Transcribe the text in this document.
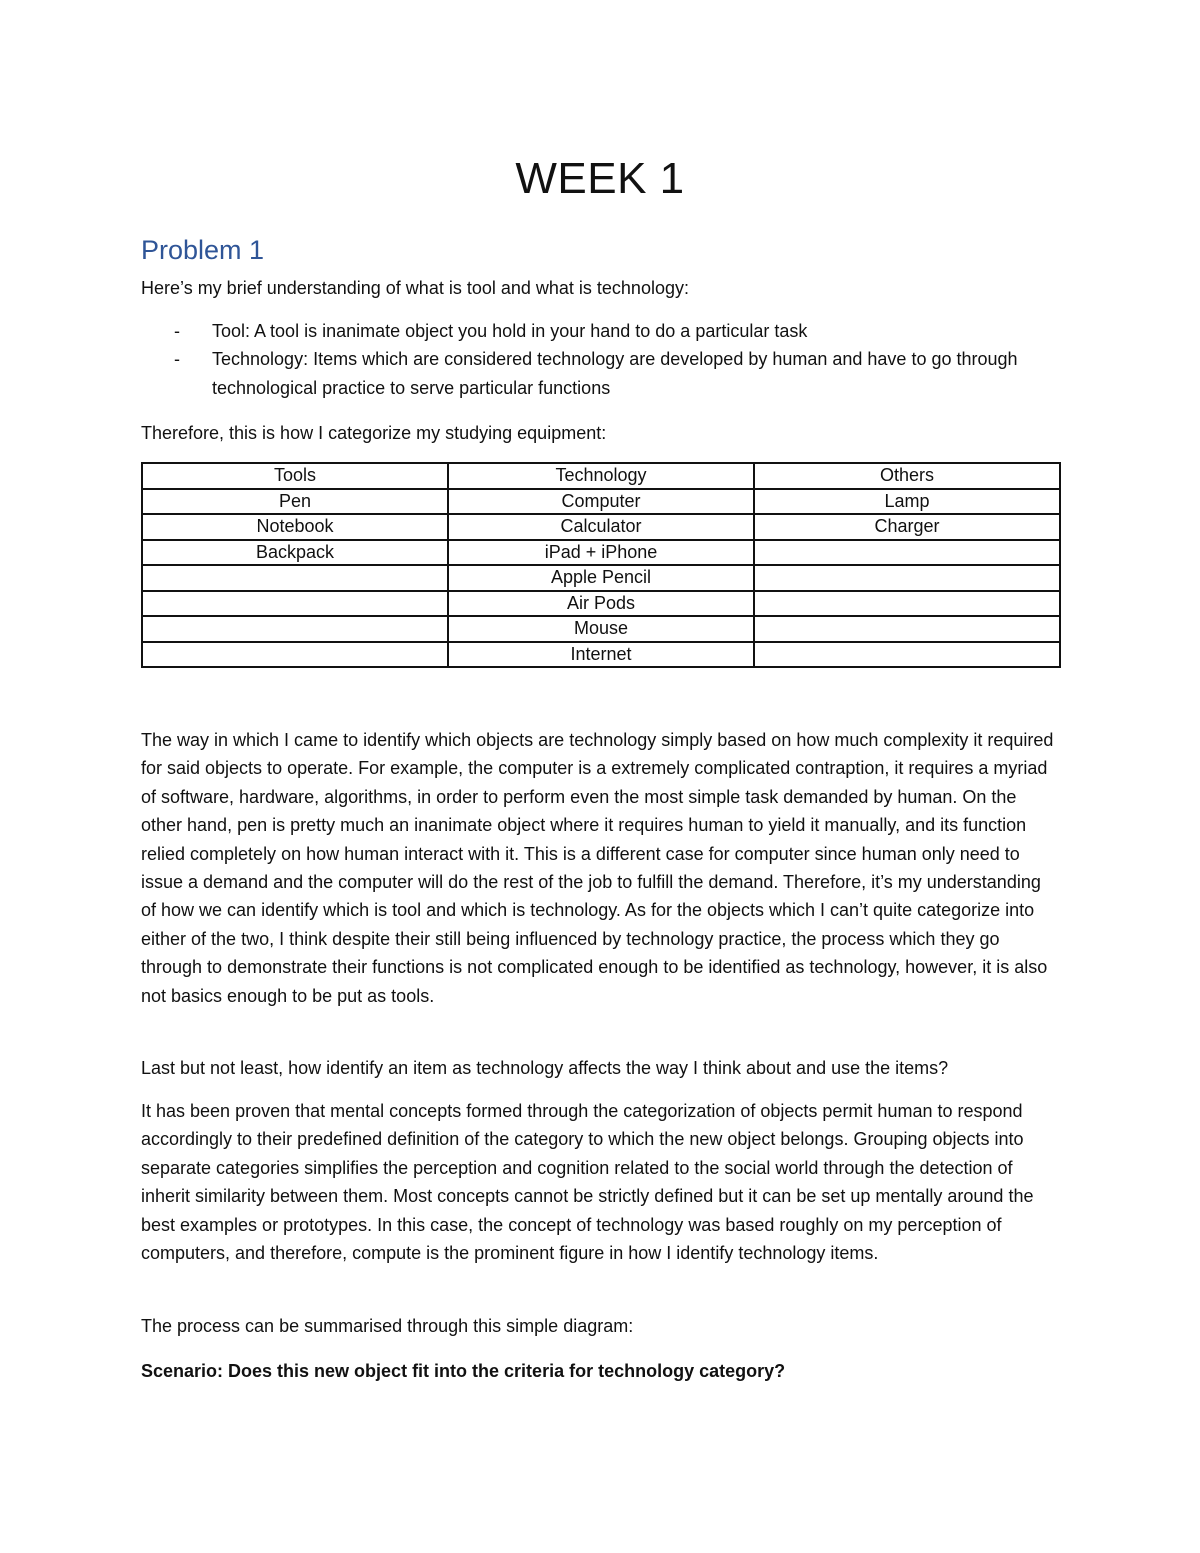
WEEK 1
Problem 1

Here’s my brief understanding of what is tool and what is technology:

- Tool: A tool is inanimate object you hold in your hand to do a particular task
- Technology: Items which are considered technology are developed by human and have to go through technological practice to serve particular functions

Therefore, this is how I categorize my studying equipment:

Tools	Technology	Others
Pen	Computer	Lamp
Notebook	Calculator	Charger
Backpack	iPad + iPhone	
	Apple Pencil	
	Air Pods	
	Mouse	
	Internet	

The way in which I came to identify which objects are technology simply based on how much complexity it required for said objects to operate. For example, the computer is a extremely complicated contraption, it requires a myriad of software, hardware, algorithms, in order to perform even the most simple task demanded by human. On the other hand, pen is pretty much an inanimate object where it requires human to yield it manually, and its function relied completely on how human interact with it. This is a different case for computer since human only need to issue a demand and the computer will do the rest of the job to fulfill the demand. Therefore, it’s my understanding of how we can identify which is tool and which is technology. As for the objects which I can’t quite categorize into either of the two, I think despite their still being influenced by technology practice, the process which they go through to demonstrate their functions is not complicated enough to be identified as technology, however, it is also not basics enough to be put as tools.

Last but not least, how identify an item as technology affects the way I think about and use the items?

It has been proven that mental concepts formed through the categorization of objects permit human to respond accordingly to their predefined definition of the category to which the new object belongs. Grouping objects into separate categories simplifies the perception and cognition related to the social world through the detection of inherit similarity between them. Most concepts cannot be strictly defined but it can be set up mentally around the best examples or prototypes. In this case, the concept of technology was based roughly on my perception of computers, and therefore, compute is the prominent figure in how I identify technology items.

The process can be summarised through this simple diagram:

Scenario: Does this new object fit into the criteria for technology category?
